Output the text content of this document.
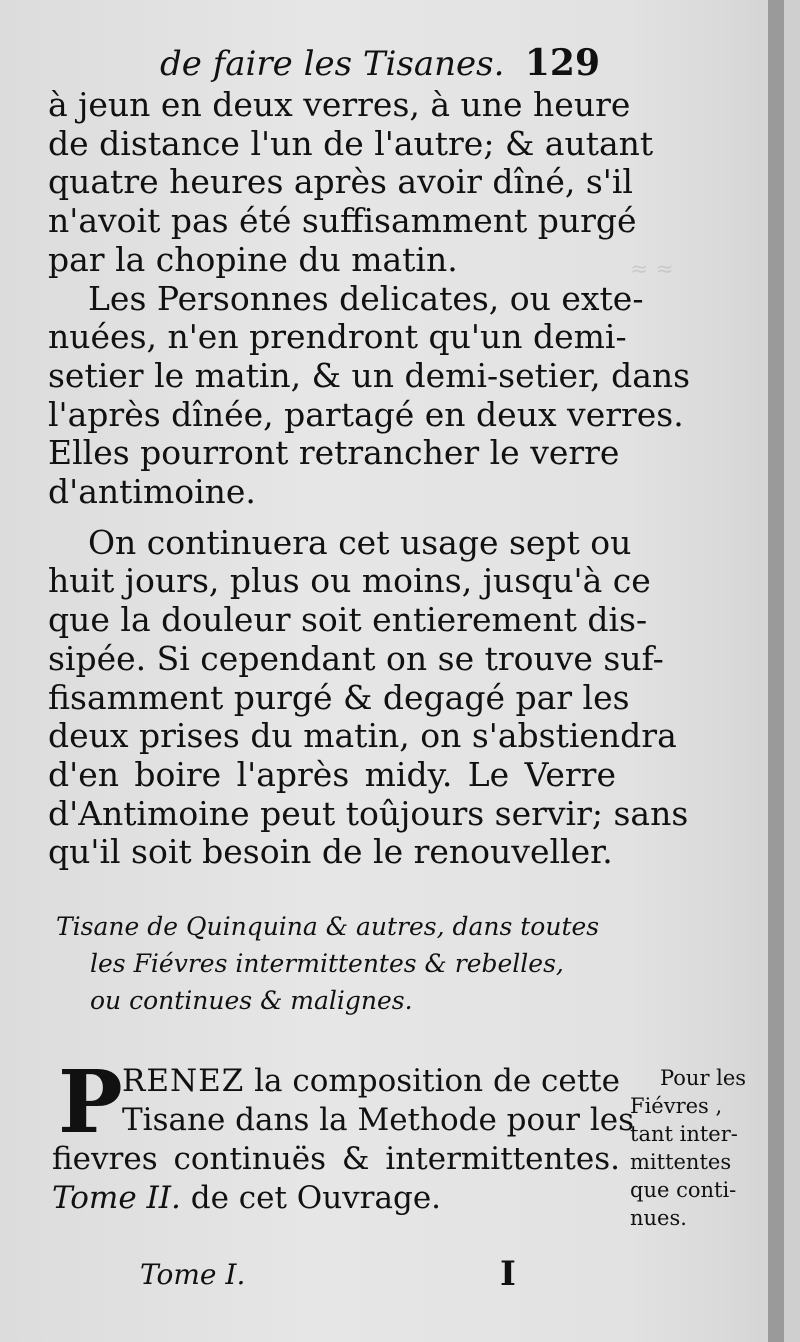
≈ ≈
de faire les Tisanes. 129
à jeun en deux verres, à une heure
de distance l'un de l'autre; & autant
quatre heures après avoir dîné, s'il
n'avoit pas été suffisamment purgé
par la chopine du matin.
Les Personnes delicates, ou exte-
nuées, n'en prendront qu'un demi-
setier le matin, & un demi-setier, dans
l'après dînée, partagé en deux verres.
Elles pourront retrancher le verre
d'antimoine.
On continuera cet usage sept ou
huit jours, plus ou moins, jusqu'à ce
que la douleur soit entierement dis-
sipée. Si cependant on se trouve suf-
fisamment purgé & degagé par les
deux prises du matin, on s'abstiendra
d'en boire l'après midy. Le Verre
d'Antimoine peut toûjours servir; sans
qu'il soit besoin de le renouveller.
Tisane de Quinquina & autres, dans toutes
les Fiévres intermittentes & rebelles,
ou continues & malignes.
P RENEZ la composition de cette
Tisane dans la Methode pour les
fievres continuës & intermittentes.
Tome II. de cet Ouvrage.
Pour les
Fiévres ,
tant inter-
mittentes
que conti-
nues.
Tome I.	I
